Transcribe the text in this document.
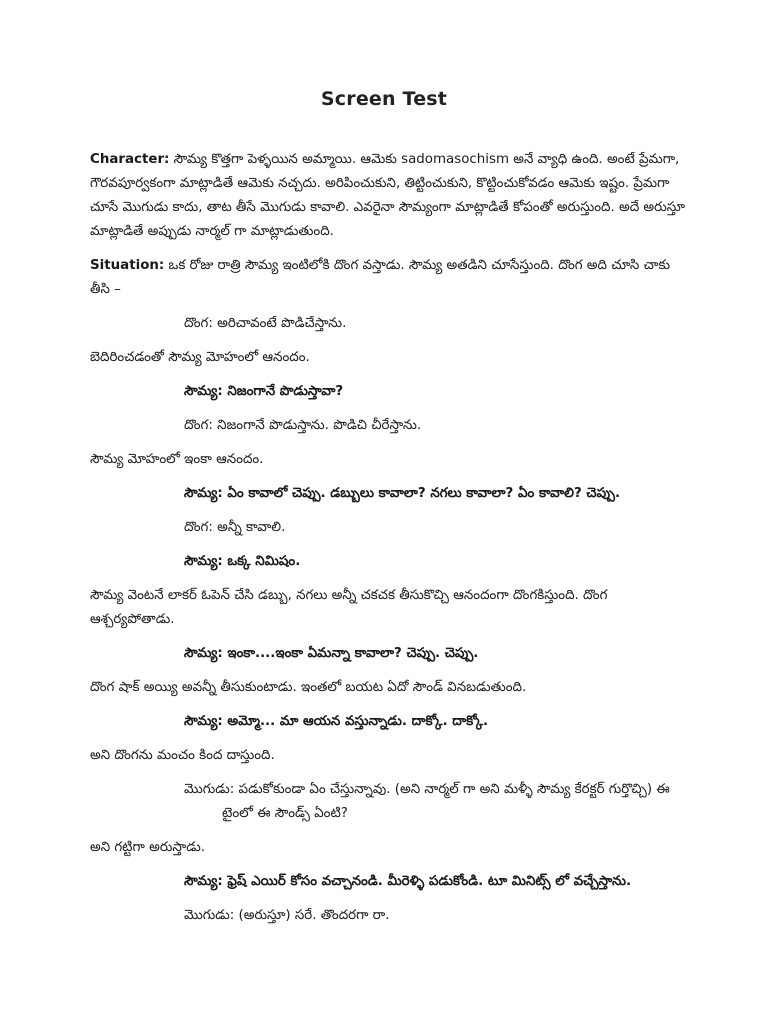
Screen Test

Character: సౌమ్య కొత్తగా పెళ్ళయిన అమ్మాయి. ఆమెకు sadomasochism అనే వ్యాధి ఉంది. అంటే ప్రేమగా, గౌరవపూర్వకంగా మాట్లాడితే ఆమెకు నచ్చదు. అరిపించుకుని, తిట్టించుకుని, కొట్టించుకోవడం ఆమెకు ఇష్టం. ప్రేమగా చూసే మొగుడు కాదు, తాట తీసే మొగుడు కావాలి. ఎవరైనా సౌమ్యంగా మాట్లాడితే కోపంతో అరుస్తుంది. అదే అరుస్తూ మాట్లాడితే అప్పుడు నార్మల్ గా మాట్లాడుతుంది.

Situation: ఒక రోజు రాత్రి సౌమ్య ఇంటిలోకి దొంగ వస్తాడు. సౌమ్య అతడిని చూసేస్తుంది. దొంగ అది చూసి చాకు తీసి –

దొంగ: అరిచావంటే పొడిచేస్తాను.

బెదిరించడంతో సౌమ్య మోహంలో ఆనందం.

సౌమ్య: నిజంగానే పొడుస్తావా?

దొంగ: నిజంగానే పొడుస్తాను. పొడిచి చీరేస్తాను.

సౌమ్య మోహంలో ఇంకా ఆనందం.

సౌమ్య: ఏం కావాలో చెప్పు. డబ్బులు కావాలా? నగలు కావాలా? ఏం కావాలి? చెప్పు.

దొంగ: అన్నీ కావాలి.

సౌమ్య: ఒక్క నిమిషం.

సౌమ్య వెంటనే లాకర్ ఓపెన్ చేసి డబ్బు, నగలు అన్నీ చకచక తీసుకొచ్చి ఆనందంగా దొంగకిస్తుంది. దొంగ ఆశ్చర్యపోతాడు.

సౌమ్య: ఇంకా....ఇంకా ఏమన్నా కావాలా? చెప్పు. చెప్పు.

దొంగ షాక్ అయ్యి అవన్నీ తీసుకుంటాడు. ఇంతలో బయట ఏదో సౌండ్ వినబడుతుంది.

సౌమ్య: అమ్మో... మా ఆయన వస్తున్నాడు. దాక్కో. దాక్కో.

అని దొంగను మంచం కింద దాస్తుంది.

మొగుడు: పడుకోకుండా ఏం చేస్తున్నావు. (అని నార్మల్ గా అని మళ్ళీ సౌమ్య కేరక్టర్ గుర్తొచ్చి) ఈ
టైంలో ఈ సౌండ్స్ ఏంటి?

అని గట్టిగా అరుస్తాడు.

సౌమ్య: ఫ్రెష్ ఎయిర్ కోసం వచ్చానండి. మీరెళ్ళి పడుకోండి. టూ మినిట్స్ లో వచ్చేస్తాను.

మొగుడు: (అరుస్తూ) సరే. తొందరగా రా.
